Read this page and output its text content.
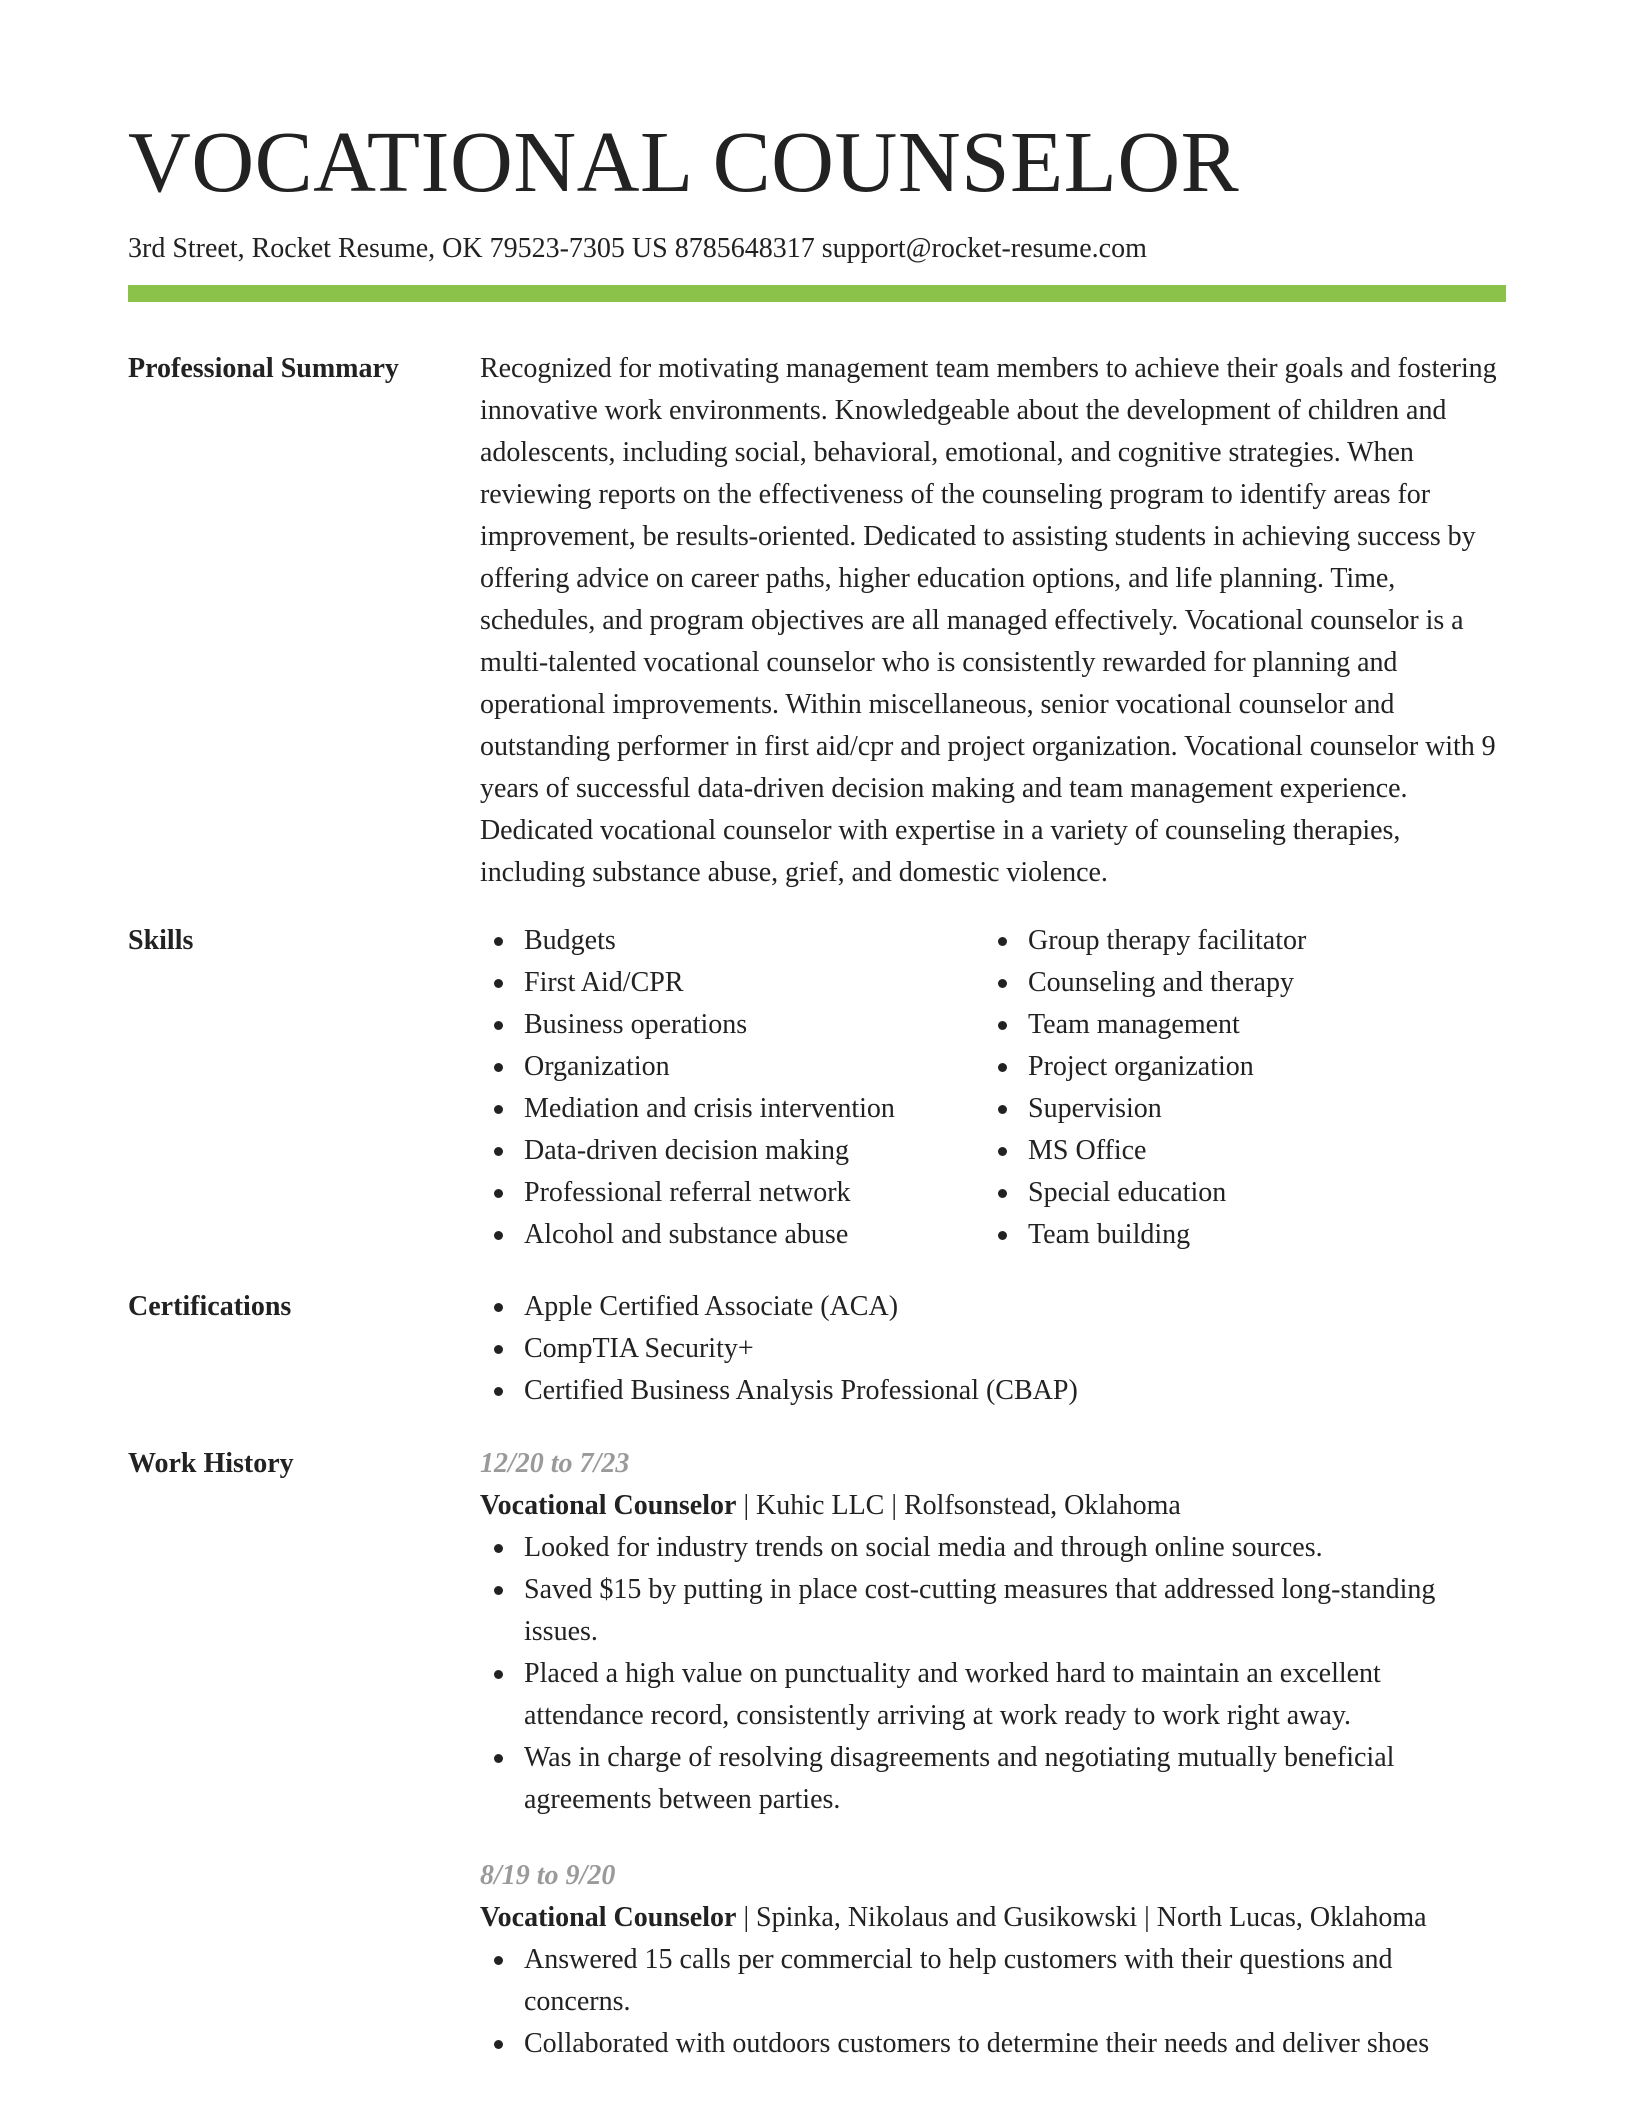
VOCATIONAL COUNSELOR
3rd Street, Rocket Resume, OK 79523-7305 US 8785648317 support@rocket-resume.com
Professional Summary	Recognized for motivating management team members to achieve their goals and fostering innovative work environments. Knowledgeable about the development of children and adolescents, including social, behavioral, emotional, and cognitive strategies. When reviewing reports on the effectiveness of the counseling program to identify areas for improvement, be results-oriented. Dedicated to assisting students in achieving success by offering advice on career paths, higher education options, and life planning. Time, schedules, and program objectives are all managed effectively. Vocational counselor is a multi-talented vocational counselor who is consistently rewarded for planning and operational improvements. Within miscellaneous, senior vocational counselor and outstanding performer in first aid/cpr and project organization. Vocational counselor with 9 years of successful data-driven decision making and team management experience. Dedicated vocational counselor with expertise in a variety of counseling therapies, including substance abuse, grief, and domestic violence.

Skills	Budgets
First Aid/CPR
Business operations
Organization
Mediation and crisis intervention
Data-driven decision making
Professional referral network
Alcohol and substance abuse
Group therapy facilitator
Counseling and therapy
Team management
Project organization
Supervision
MS Office
Special education
Team building
Certifications	Apple Certified Associate (ACA)
CompTIA Security+
Certified Business Analysis Professional (CBAP)
Work History	12/20 to 7/23
Vocational Counselor | Kuhic LLC | Rolfsonstead, Oklahoma
Looked for industry trends on social media and through online sources.
Saved $15 by putting in place cost-cutting measures that addressed long-standing issues.
Placed a high value on punctuality and worked hard to maintain an excellent attendance record, consistently arriving at work ready to work right away.
Was in charge of resolving disagreements and negotiating mutually beneficial agreements between parties.
8/19 to 9/20
Vocational Counselor | Spinka, Nikolaus and Gusikowski | North Lucas, Oklahoma
Answered 15 calls per commercial to help customers with their questions and concerns.
Collaborated with outdoors customers to determine their needs and deliver shoes
